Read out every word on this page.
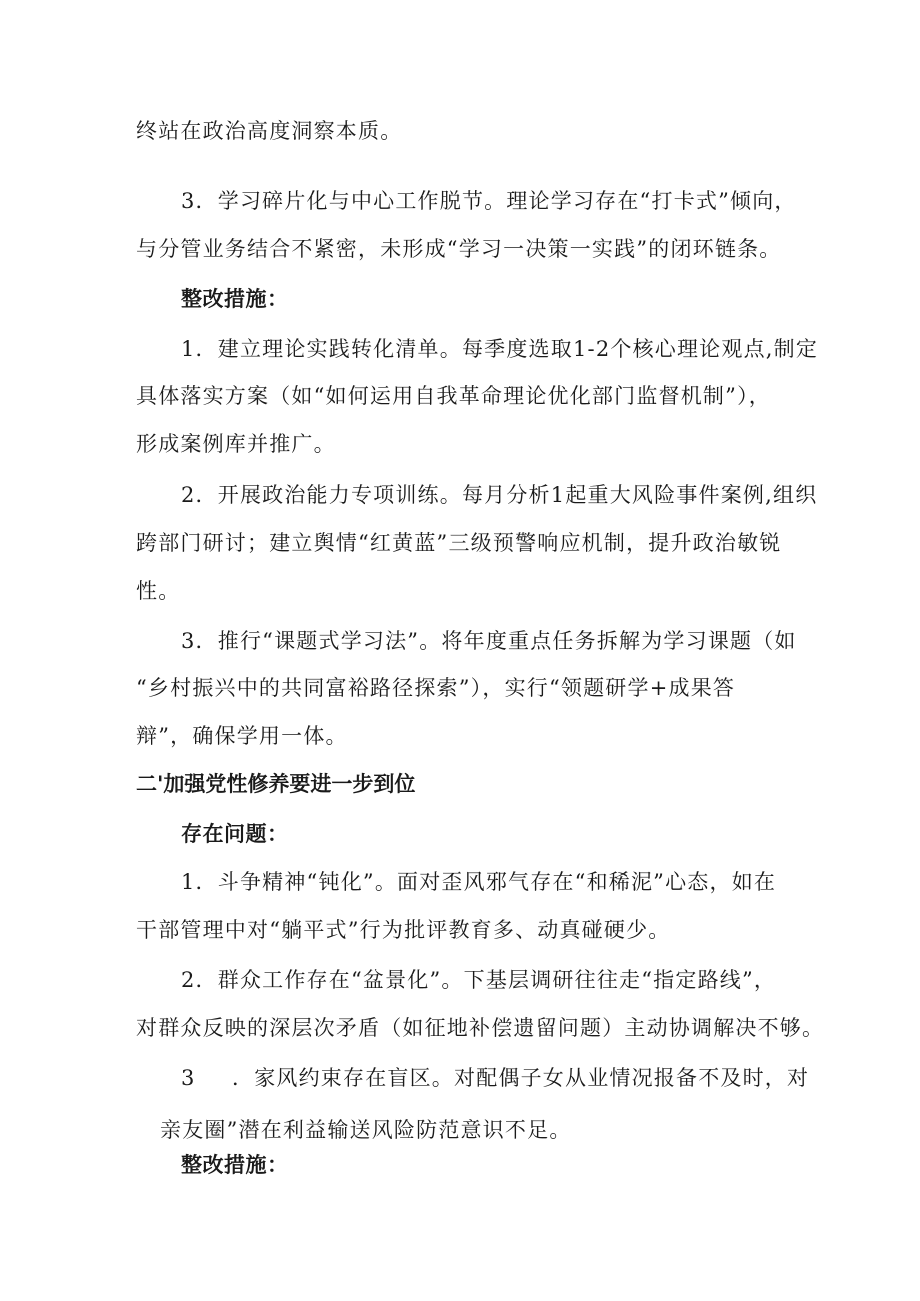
终站在政治高度洞察本质。
3．学习碎片化与中心工作脱节。理论学习存在“打卡式”倾向，
与分管业务结合不紧密，未形成“学习一决策一实践”的闭环链条。
整改措施：
1．建立理论实践转化清单。每季度选取1-2个核心理论观点,制定
具体落实方案（如“如何运用自我革命理论优化部门监督机制”），
形成案例库并推广。
2．开展政治能力专项训练。每月分析1起重大风险事件案例,组织
跨部门研讨；建立舆情“红黄蓝”三级预警响应机制，提升政治敏锐
性。
3．推行“课题式学习法”。将年度重点任务拆解为学习课题（如
“乡村振兴中的共同富裕路径探索”），实行“领题研学+成果答
辩”，确保学用一体。
二'加强党性修养要进一步到位
存在问题：
1．斗争精神“钝化”。面对歪风邪气存在“和稀泥”心态，如在
干部管理中对“躺平式”行为批评教育多、动真碰硬少。
2．群众工作存在“盆景化”。下基层调研往往走“指定路线”，
对群众反映的深层次矛盾（如征地补偿遗留问题）主动协调解决不够。
3 ．家风约束存在盲区。对配偶子女从业情况报备不及时，对
亲友圈”潜在利益输送风险防范意识不足。
整改措施：
